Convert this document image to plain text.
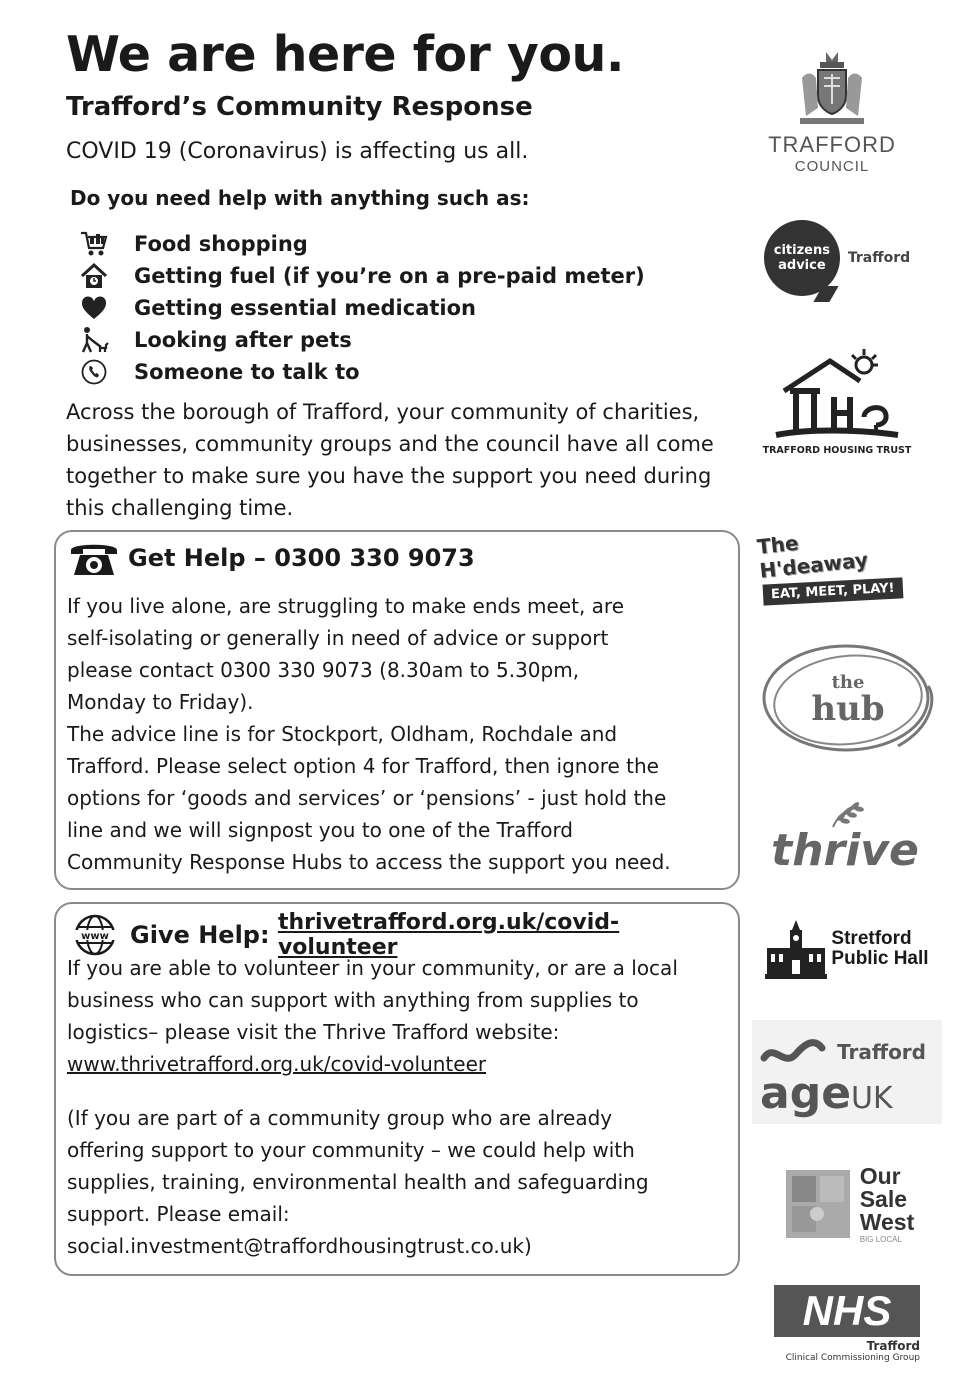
We are here for you.
Trafford’s Community Response
COVID 19 (Coronavirus) is affecting us all.
Do you need help with anything such as:
Food shopping
Getting fuel (if you’re on a pre-paid meter)
Getting essential medication
Looking after pets
Someone to talk to
Across the borough of Trafford, your community of charities,
businesses, community groups and the council have all come
together to make sure you have the support you need during
this challenging time.
Get Help – 0300 330 9073
If you live alone, are struggling to make ends meet, are
self-isolating or generally in need of advice or support
please contact 0300 330 9073 (8.30am to 5.30pm,
Monday to Friday).
The advice line is for Stockport, Oldham, Rochdale and
Trafford. Please select option 4 for Trafford, then ignore the
options for ‘goods and services’ or ‘pensions’ - just hold the
line and we will signpost you to one of the Trafford
Community Response Hubs to access the support you need.
www Give Help: thrivetrafford.org.uk/covid-volunteer
If you are able to volunteer in your community, or are a local
business who can support with anything from supplies to
logistics– please visit the Thrive Trafford website:
www.thrivetrafford.org.uk/covid-volunteer
(If you are part of a community group who are already
offering support to your community – we could help with
supplies, training, environmental health and safeguarding
support. Please email:
social.investment@traffordhousingtrust.co.uk)
TRAFFORD
COUNCIL
citizens
advice Trafford
TRAFFORD HOUSING TRUST
The H'deaway
EAT, MEET, PLAY!
the
hub
thrive
Stretford
Public Hall
Trafford
age UK
Our
Sale
West
BIG LOCAL
NHS
Trafford
Clinical Commissioning Group
